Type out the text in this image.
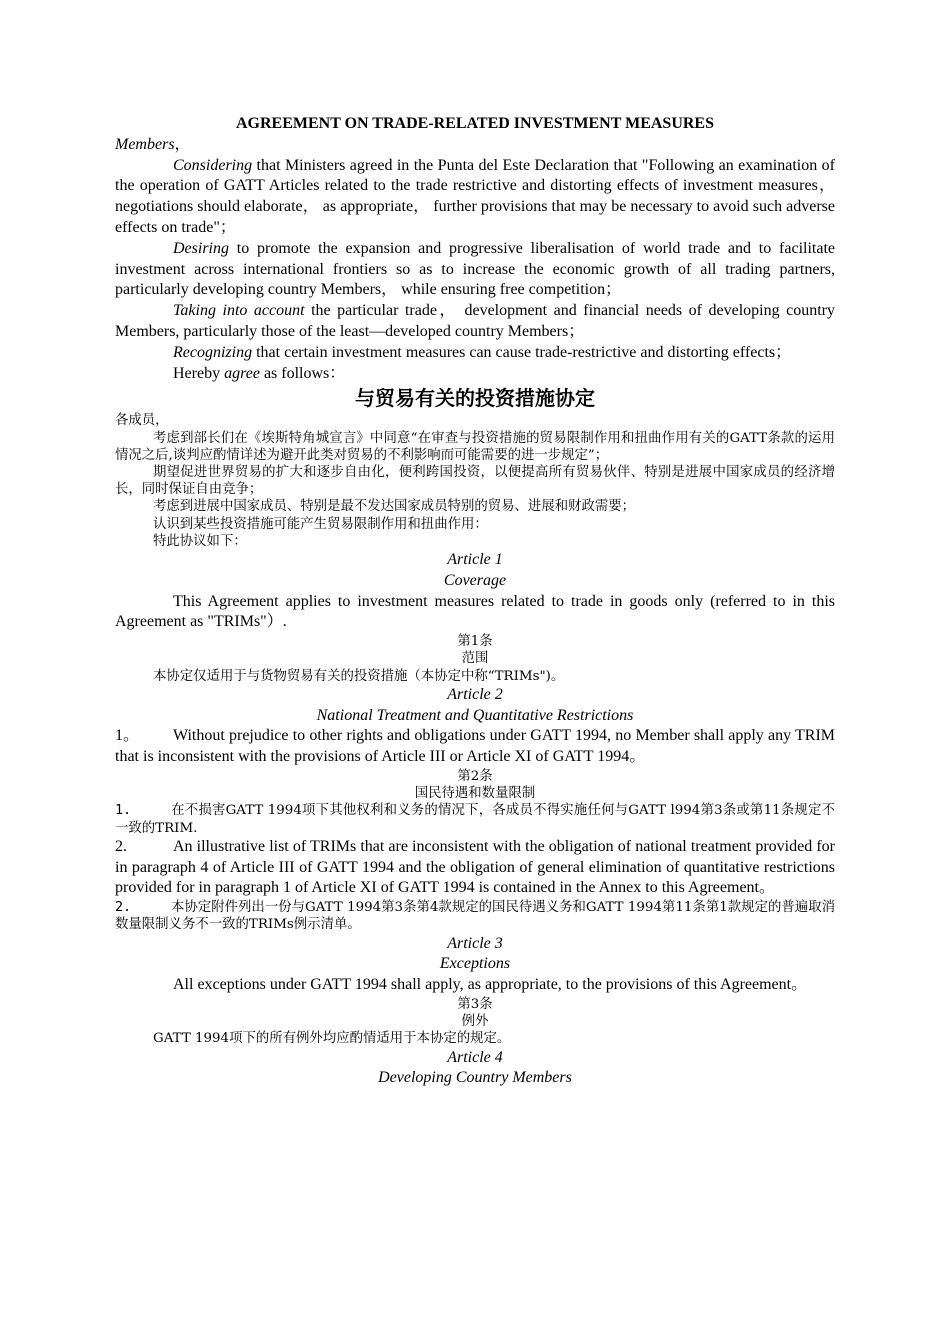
AGREEMENT ON TRADE-RELATED INVESTMENT MEASURES

Members，

Considering that Ministers agreed in the Punta del Este Declaration that "Following an examination of the operation of GATT Articles related to the trade restrictive and distorting effects of investment measures， negotiations should elaborate， as appropriate， further provisions that may be necessary to avoid such adverse effects on trade"；

Desiring to promote the expansion and progressive liberalisation of world trade and to facilitate investment across international frontiers so as to increase the economic growth of all trading partners, particularly developing country Members， while ensuring free competition；

Taking into account the particular trade， development and financial needs of developing country Members, particularly those of the least—developed country Members；

Recognizing that certain investment measures can cause trade-restrictive and distorting effects；

Hereby agree as follows：

与贸易有关的投资措施协定

各成员，

考虑到部长们在《埃斯特角城宣言》中同意“在审查与投资措施的贸易限制作用和扭曲作用有关的GATT条款的运用情况之后,谈判应酌情详述为避开此类对贸易的不利影响而可能需要的进一步规定”；

期望促进世界贸易的扩大和逐步自由化，便利跨国投资，以便提高所有贸易伙伴、特别是进展中国家成员的经济增长，同时保证自由竞争；

考虑到进展中国家成员、特别是最不发达国家成员特别的贸易、进展和财政需要；

认识到某些投资措施可能产生贸易限制作用和扭曲作用：

特此协议如下：

Article 1

Coverage

This Agreement applies to investment measures related to trade in goods only (referred to in this Agreement as "TRIMs"）.

第1条

范围

本协定仅适用于与货物贸易有关的投资措施（本协定中称“TRIMs")。

Article 2

National Treatment and Quantitative Restrictions

1。 Without prejudice to other rights and obligations under GATT 1994, no Member shall apply any TRIM that is inconsistent with the provisions of Article III or Article XI of GATT 1994。

第2条

国民待遇和数量限制

1.	在不损害GATT 1994项下其他权利和义务的情况下，各成员不得实施任何与GATT l994第3条或第11条规定不一致的TRIM.

2.	An illustrative list of TRIMs that are inconsistent with the obligation of national treatment provided for in paragraph 4 of Article III of GATT 1994 and the obligation of general elimination of quantitative restrictions provided for in paragraph 1 of Article XI of GATT 1994 is contained in the Annex to this Agreement。

2.	本协定附件列出一份与GATT 1994第3条第4款规定的国民待遇义务和GATT 1994第11条第1款规定的普遍取消数量限制义务不一致的TRIMs例示清单。

Article 3

Exceptions

All exceptions under GATT 1994 shall apply, as appropriate, to the provisions of this Agreement。

第3条

例外

GATT 1994项下的所有例外均应酌情适用于本协定的规定。

Article 4

Developing Country Members
